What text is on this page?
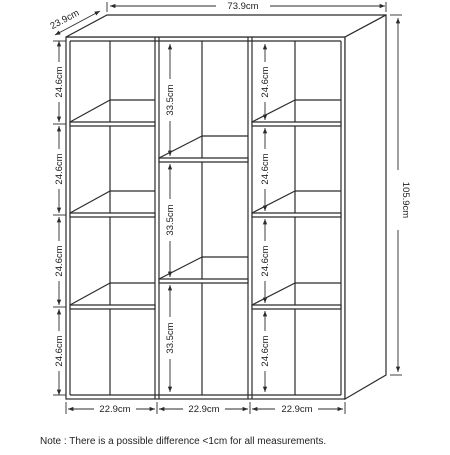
73.9cm
23.9cm
105.9cm
24.6cm
24.6cm
24.6cm
24.6cm
33.5cm
33.5cm
33.5cm
24.6cm
24.6cm
24.6cm
24.6cm
22.9cm	22.9cm	22.9cm
Note : There is a possible difference <1cm for all measurements.
